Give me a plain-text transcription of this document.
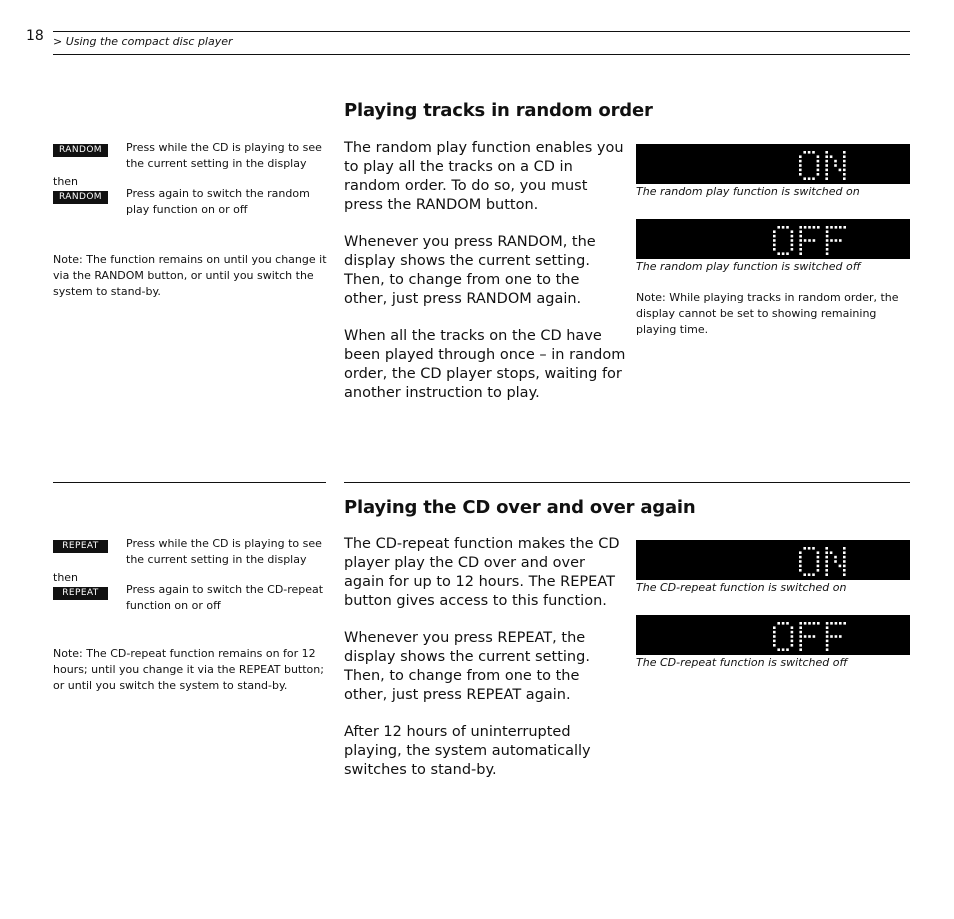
18 > Using the compact disc player
Playing tracks in random order
RANDOM	Press while the CD is playing to see the current setting in the display
then
RANDOM	Press again to switch the random play function on or off
Note: The function remains on until you change it via the RANDOM button, or until you switch the system to stand-by.

The random play function enables you to play all the tracks on a CD in random order. To do so, you must press the RANDOM button.

Whenever you press RANDOM, the display shows the current setting. Then, to change from one to the other, just press RANDOM again.

When all the tracks on the CD have been played through once – in random order, the CD player stops, waiting for another instruction to play.

The random play function is switched on
The random play function is switched off
Note: While playing tracks in random order, the display cannot be set to showing remaining playing time.
Playing the CD over and over again
REPEAT	Press while the CD is playing to see the current setting in the display
then
REPEAT	Press again to switch the CD-repeat function on or off
Note: The CD-repeat function remains on for 12 hours; until you change it via the REPEAT button; or until you switch the system to stand-by.

The CD-repeat function makes the CD player play the CD over and over again for up to 12 hours. The REPEAT button gives access to this function.

Whenever you press REPEAT, the display shows the current setting. Then, to change from one to the other, just press REPEAT again.

After 12 hours of uninterrupted playing, the system automatically switches to stand-by.

The CD-repeat function is switched on
The CD-repeat function is switched off
